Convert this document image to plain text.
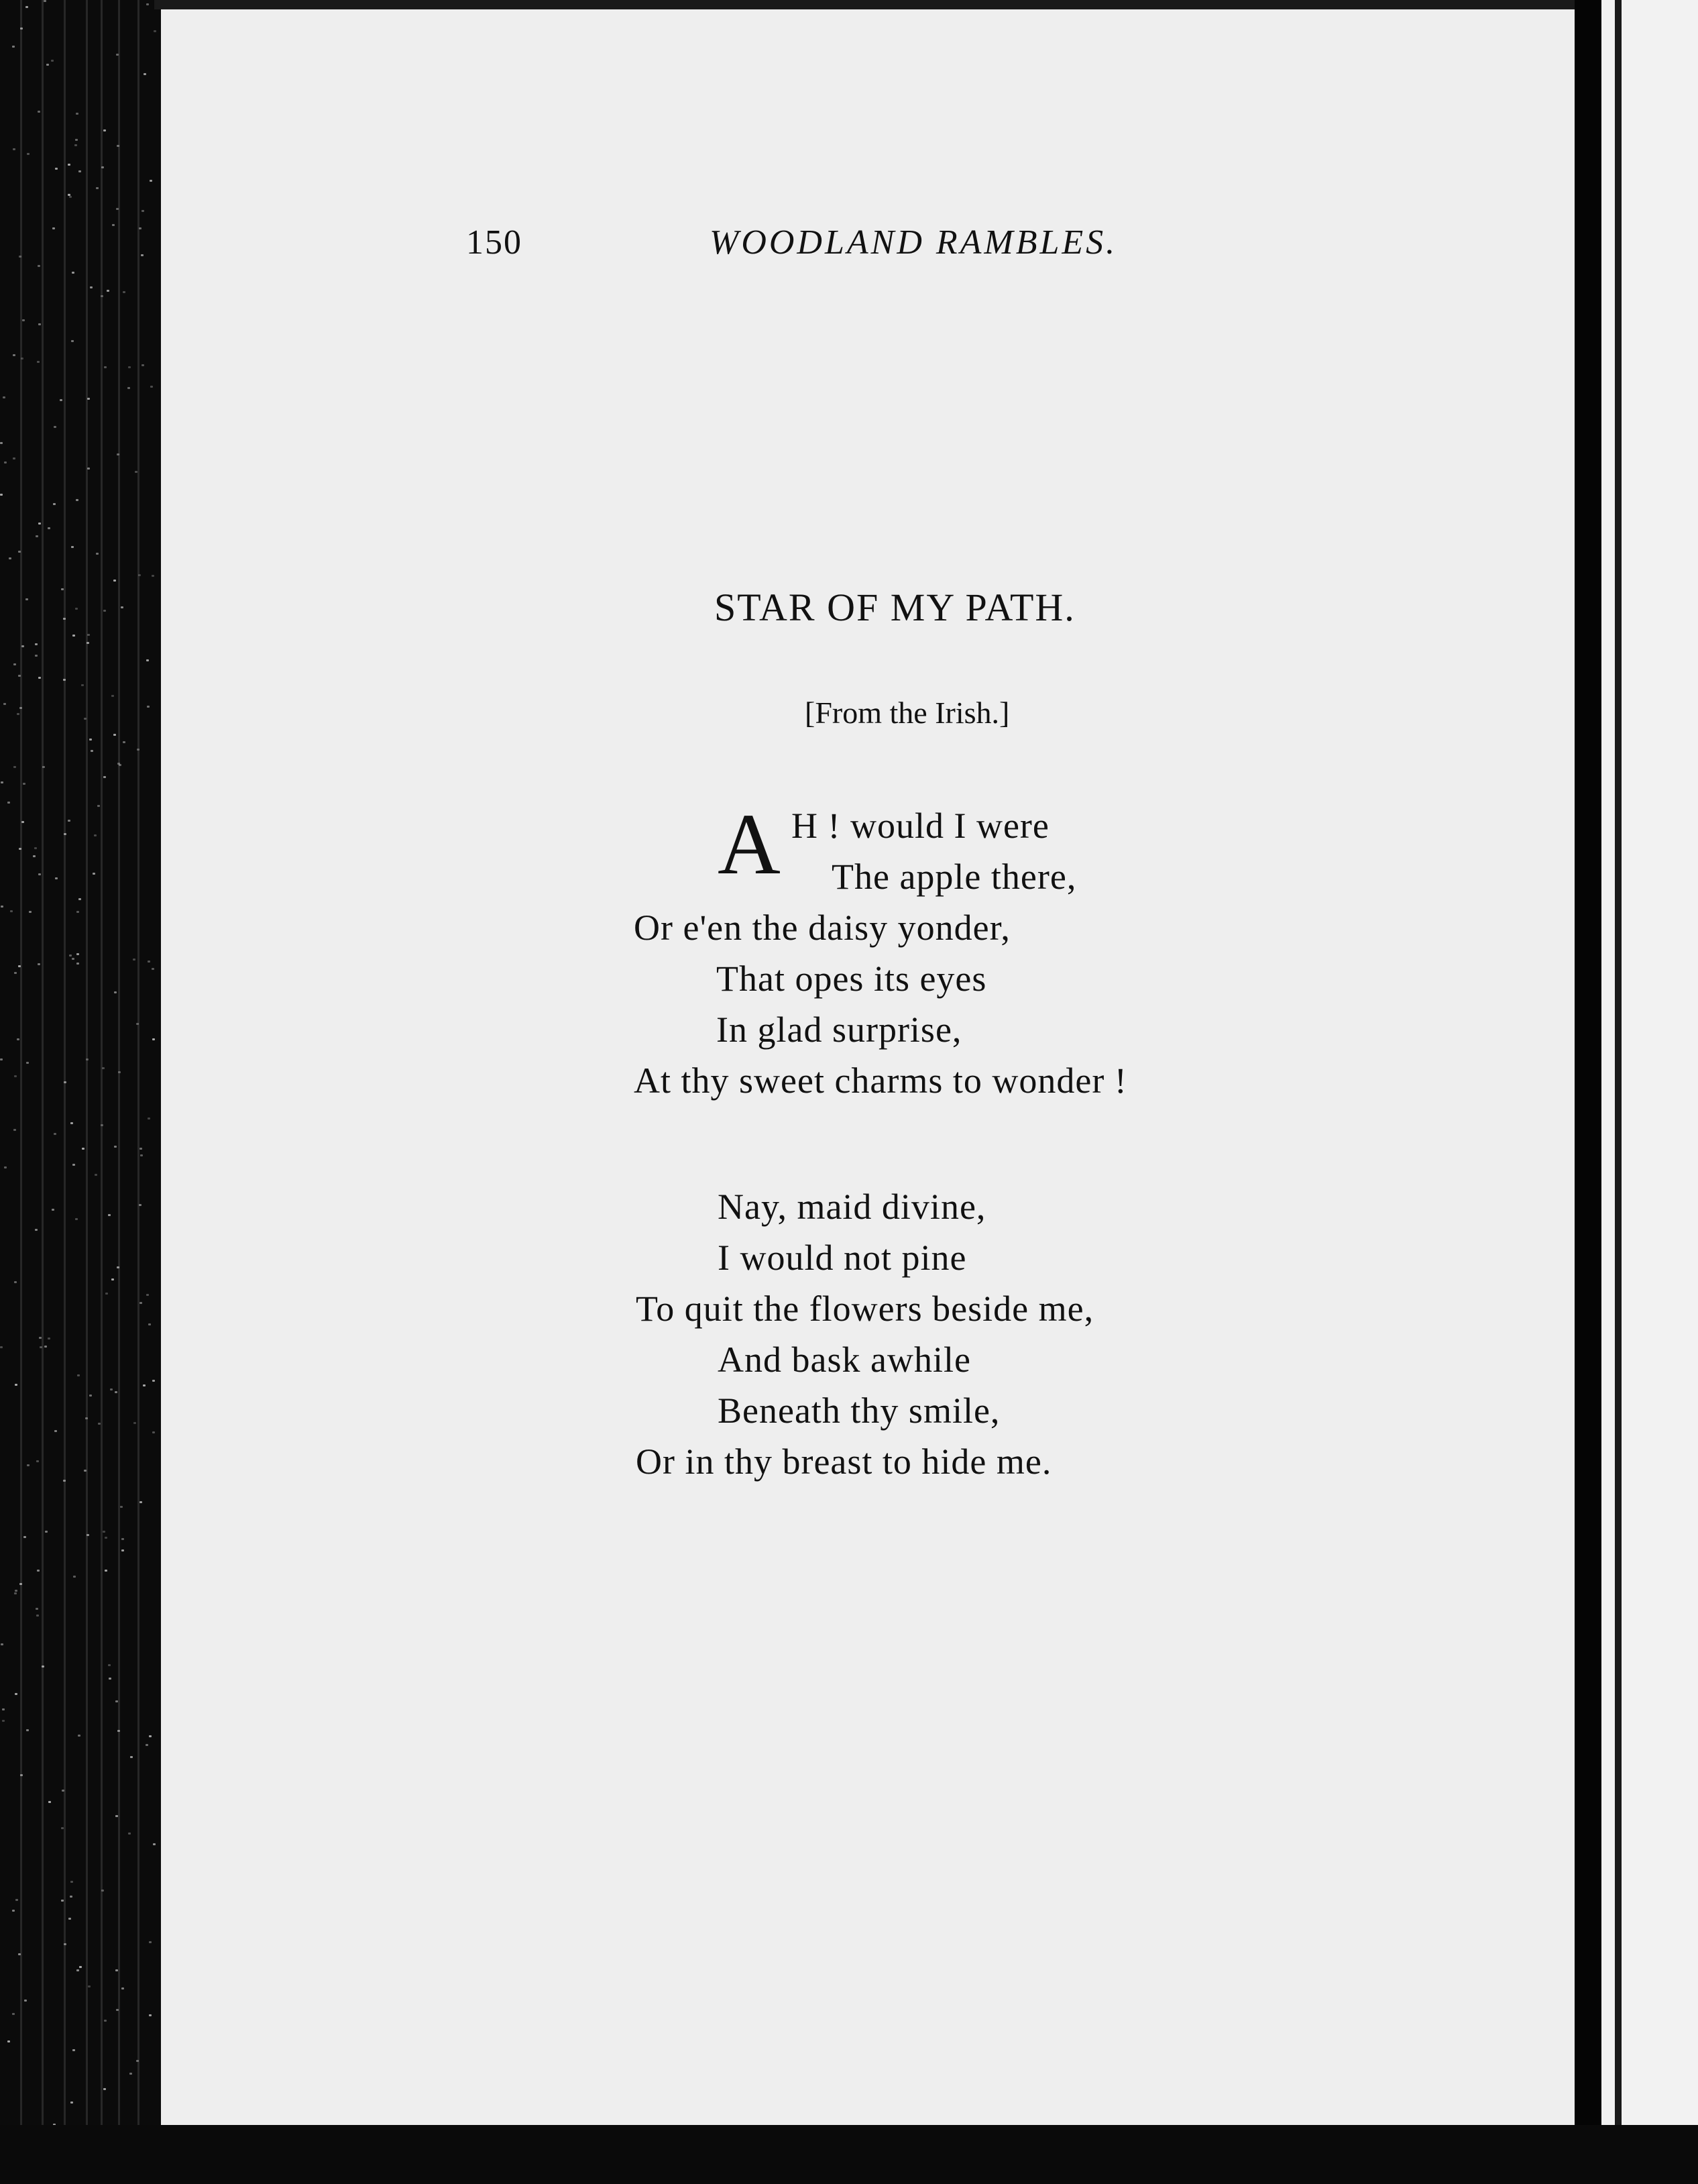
150	WOODLAND RAMBLES.
STAR OF MY PATH.
[From the Irish.]
A H ! would I were
The apple there,
Or e'en the daisy yonder,
That opes its eyes
In glad surprise,
At thy sweet charms to wonder !
Nay, maid divine,
I would not pine
To quit the flowers beside me,
And bask awhile
Beneath thy smile,
Or in thy breast to hide me.
